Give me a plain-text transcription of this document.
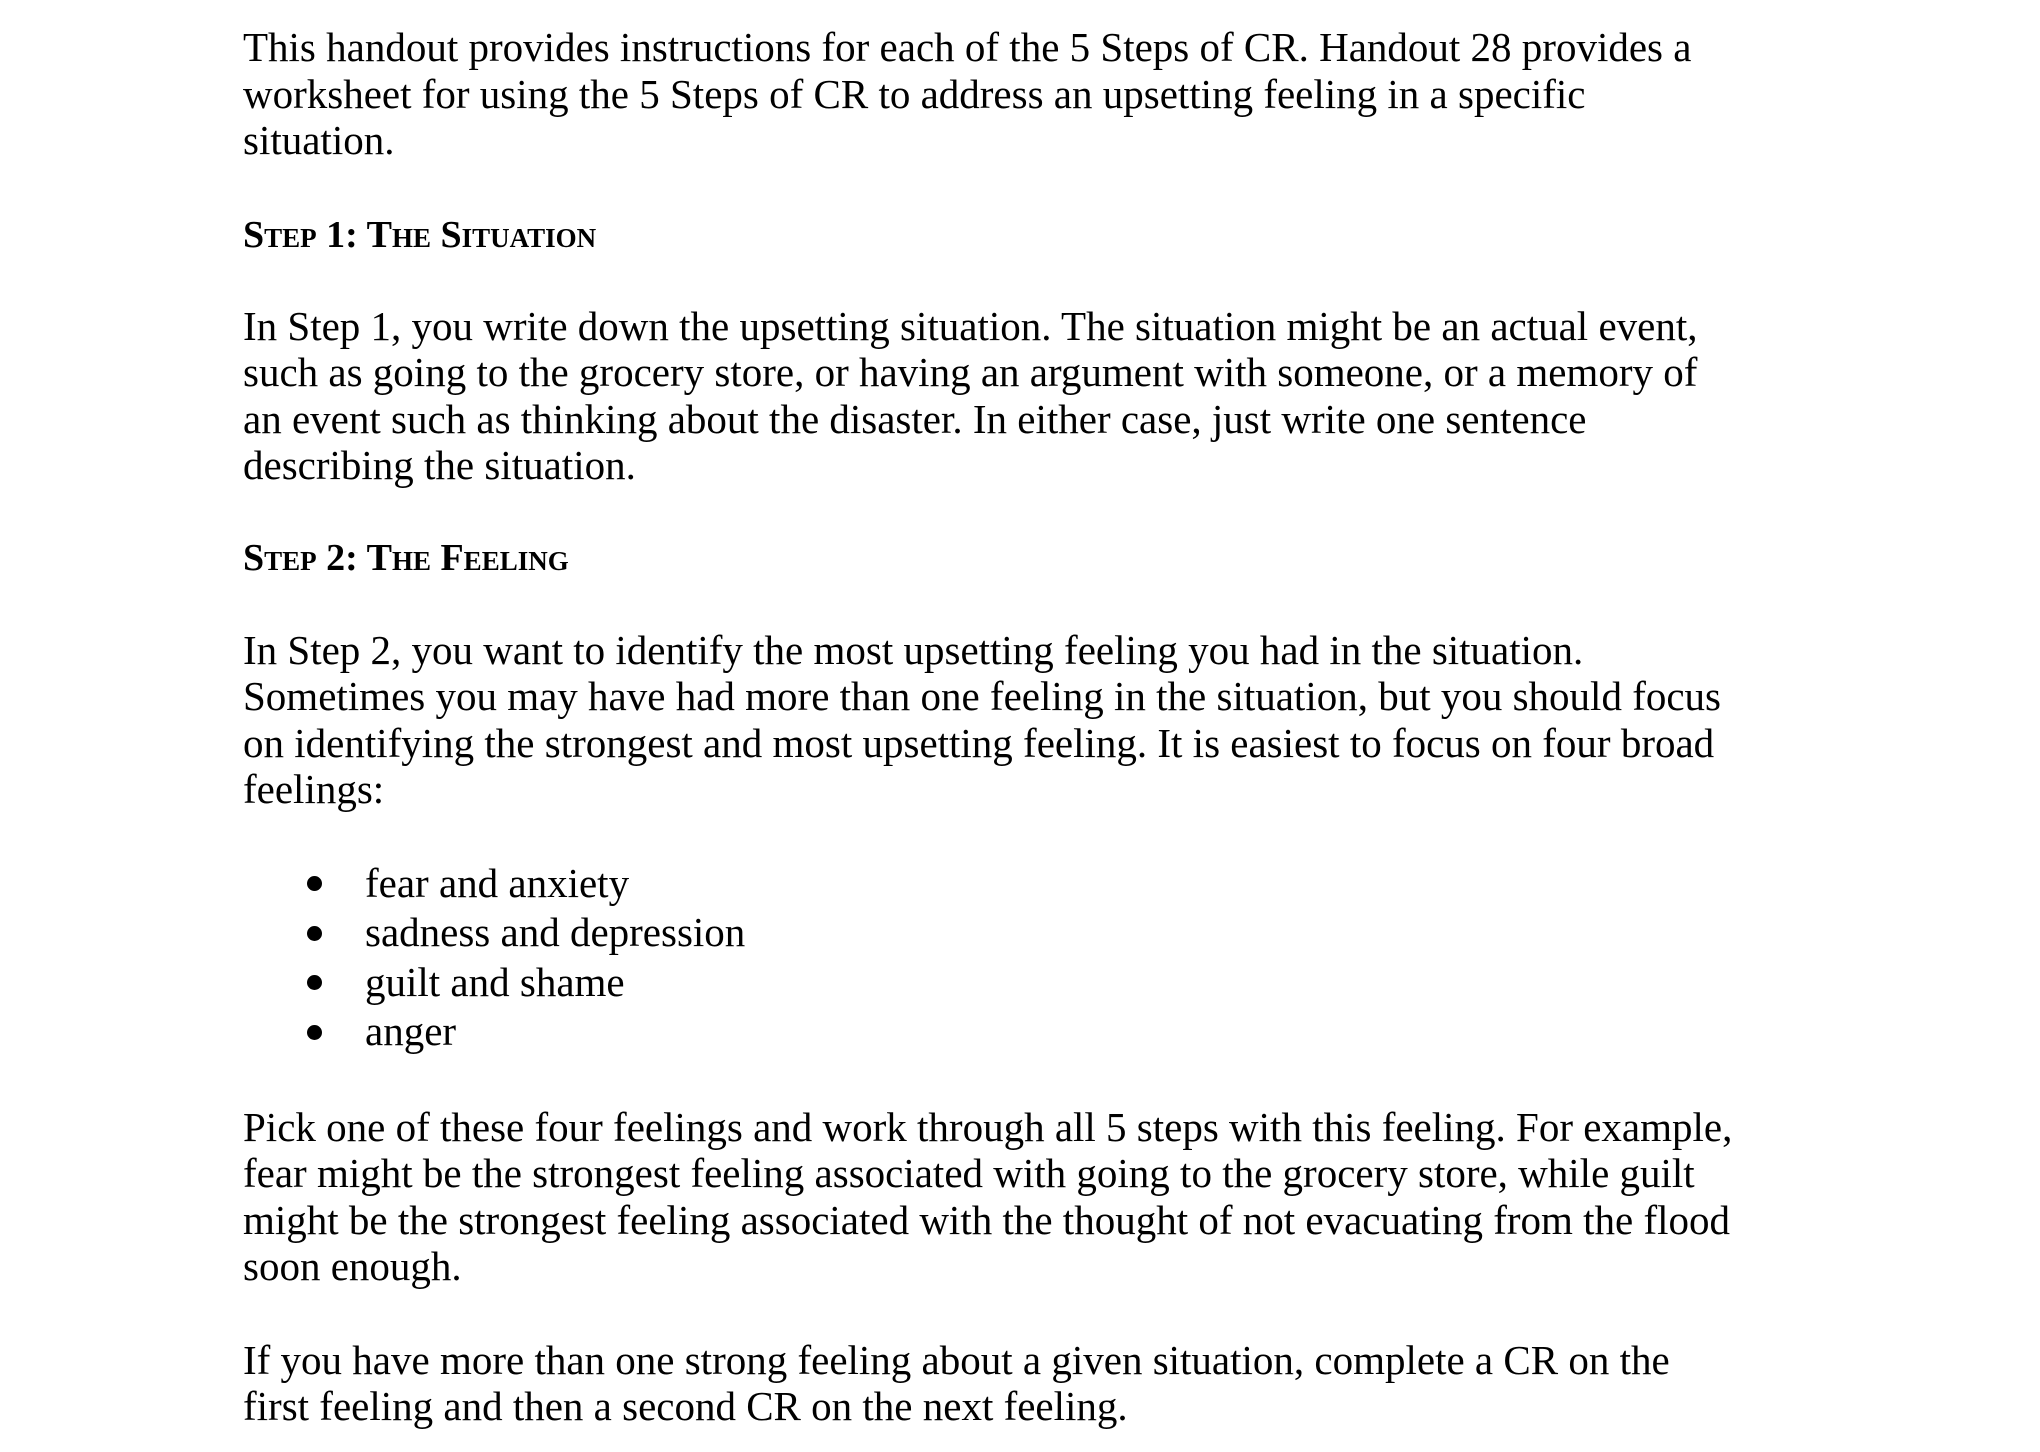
This handout provides instructions for each of the 5 Steps of CR. Handout 28 provides a worksheet for using the 5 Steps of CR to address an upsetting feeling in a specific situation.

Step 1: The Situation

In Step 1, you write down the upsetting situation. The situation might be an actual event, such as going to the grocery store, or having an argument with someone, or a memory of an event such as thinking about the disaster. In either case, just write one sentence describing the situation.

Step 2: The Feeling

In Step 2, you want to identify the most upsetting feeling you had in the situation. Sometimes you may have had more than one feeling in the situation, but you should focus on identifying the strongest and most upsetting feeling. It is easiest to focus on four broad feelings:

fear and anxiety
sadness and depression
guilt and shame
anger

Pick one of these four feelings and work through all 5 steps with this feeling. For example, fear might be the strongest feeling associated with going to the grocery store, while guilt might be the strongest feeling associated with the thought of not evacuating from the flood soon enough.

If you have more than one strong feeling about a given situation, complete a CR on the first feeling and then a second CR on the next feeling.
